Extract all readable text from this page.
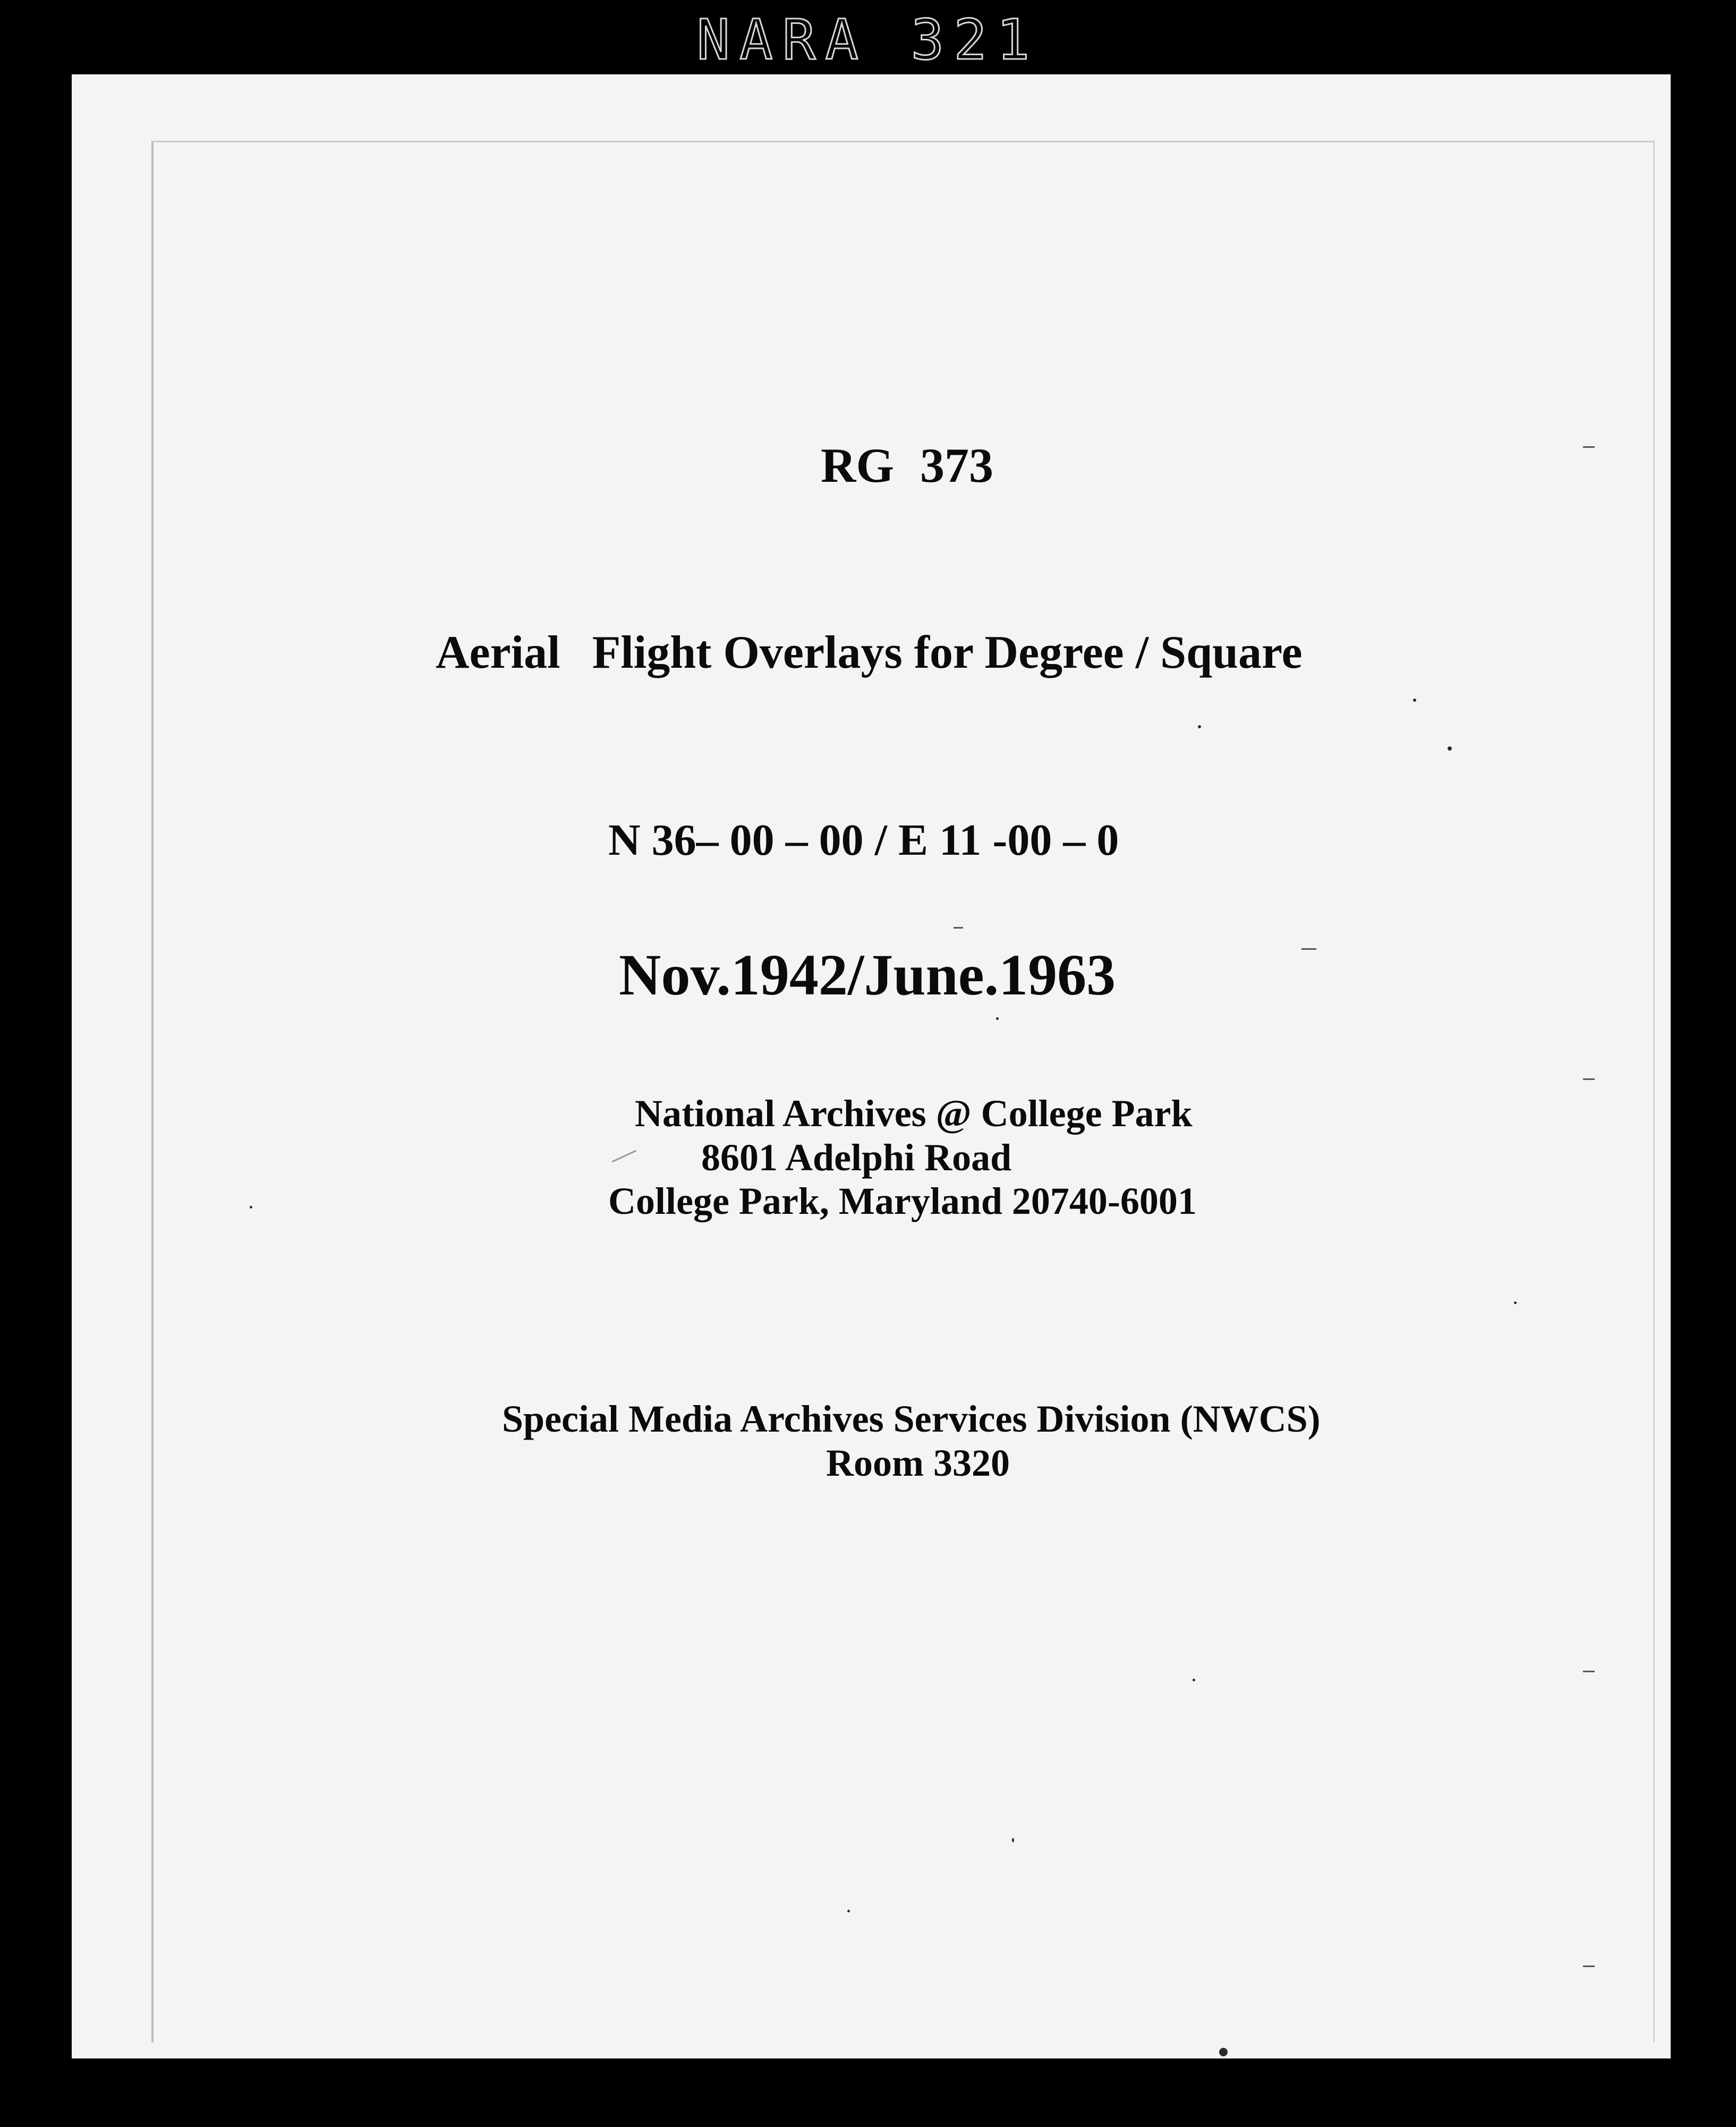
NARA 321
RG 373
Aerial Flight Overlays for Degree / Square
N 36– 00 – 00 / E 11 -00 – 0
Nov.1942/June.1963
National Archives @ College Park
8601 Adelphi Road
College Park, Maryland 20740-6001
Special Media Archives Services Division (NWCS)
Room 3320
